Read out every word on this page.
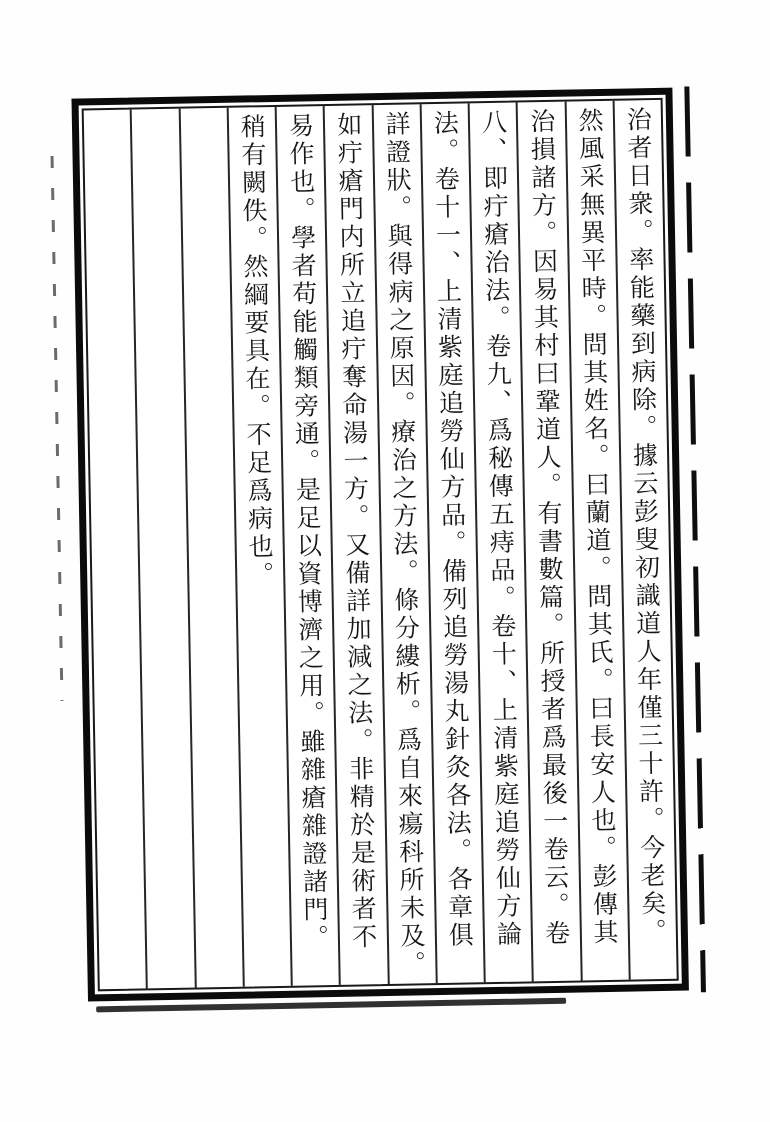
治者日衆。率能藥到病除。據云彭叟初識道人年僅三十許。今老矣。
然風采無異平時。問其姓名。曰蘭道。問其氏。曰長安人也。彭傳其
治損諸方。因易其村曰鞏道人。有書數篇。所授者爲最後一卷云。卷
八、即疔瘡治法。卷九、爲秘傳五痔品。卷十、上清紫庭追勞仙方論
法。卷十一、上清紫庭追勞仙方品。備列追勞湯丸針灸各法。各章俱
詳證狀。與得病之原因。療治之方法。條分縷析。爲自來瘍科所未及。
如疔瘡門内所立追疔奪命湯一方。又備詳加減之法。非精於是術者不
易作也。學者苟能觸類旁通。是足以資博濟之用。雖雜瘡雜證諸門。
稍有闕佚。然綱要具在。不足爲病也。
